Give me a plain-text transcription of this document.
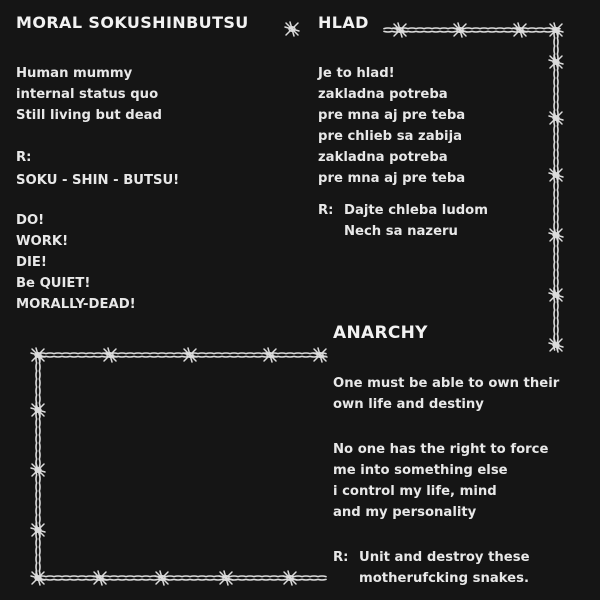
MORAL SOKUSHINBUTSU	HLAD
Human mummy
internal status quo
Still living but dead
R:
SOKU - SHIN - BUTSU!
DO!
WORK!
DIE!
Be QUIET!
MORALLY-DEAD!
Je to hlad!
zakladna potreba
pre mna aj pre teba
pre chlieb sa zabija
zakladna potreba
pre mna aj pre teba
R: Dajte chleba ludom
Nech sa nazeru
ANARCHY
One must be able to own their
own life and destiny
No one has the right to force
me into something else
i control my life, mind
and my personality
R: Unit and destroy these
motherufcking snakes.
